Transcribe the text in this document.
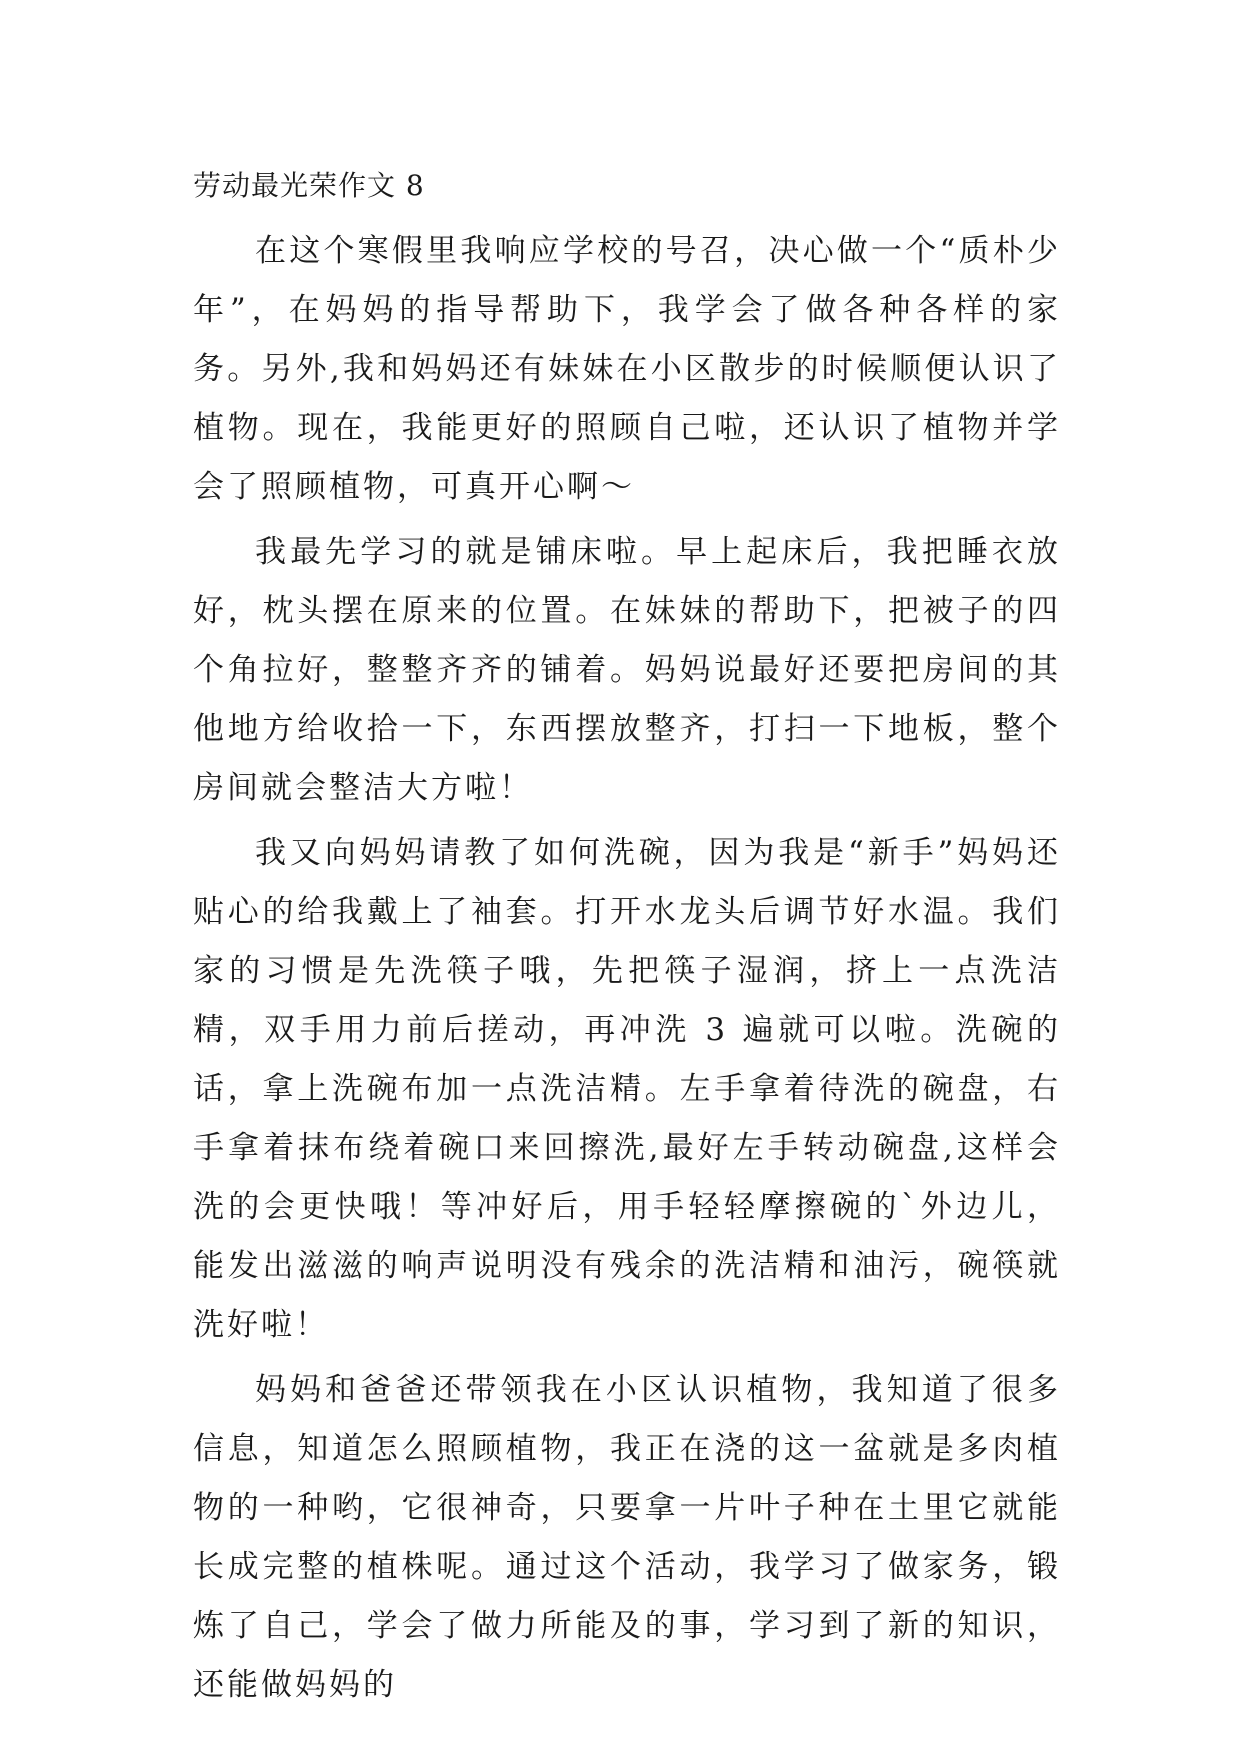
劳动最光荣作文 8

在这个寒假里我响应学校的号召，决心做一个“质朴少年”，在妈妈的指导帮助下，我学会了做各种各样的家务。另外,我和妈妈还有妹妹在小区散步的时候顺便认识了植物。现在，我能更好的照顾自己啦，还认识了植物并学会了照顾植物，可真开心啊～

我最先学习的就是铺床啦。早上起床后，我把睡衣放好，枕头摆在原来的位置。在妹妹的帮助下，把被子的四个角拉好，整整齐齐的铺着。妈妈说最好还要把房间的其他地方给收拾一下，东西摆放整齐，打扫一下地板，整个房间就会整洁大方啦！

我又向妈妈请教了如何洗碗，因为我是“新手”妈妈还贴心的给我戴上了袖套。打开水龙头后调节好水温。我们家的习惯是先洗筷子哦，先把筷子湿润，挤上一点洗洁精，双手用力前后搓动，再冲洗 3 遍就可以啦。洗碗的话，拿上洗碗布加一点洗洁精。左手拿着待洗的碗盘，右手拿着抹布绕着碗口来回擦洗,最好左手转动碗盘,这样会洗的会更快哦！等冲好后，用手轻轻摩擦碗的`外边儿，能发出滋滋的响声说明没有残余的洗洁精和油污，碗筷就洗好啦！

妈妈和爸爸还带领我在小区认识植物，我知道了很多信息，知道怎么照顾植物，我正在浇的这一盆就是多肉植物的一种哟，它很神奇，只要拿一片叶子种在土里它就能长成完整的植株呢。通过这个活动，我学习了做家务，锻炼了自己，学会了做力所能及的事，学习到了新的知识，还能做妈妈的
